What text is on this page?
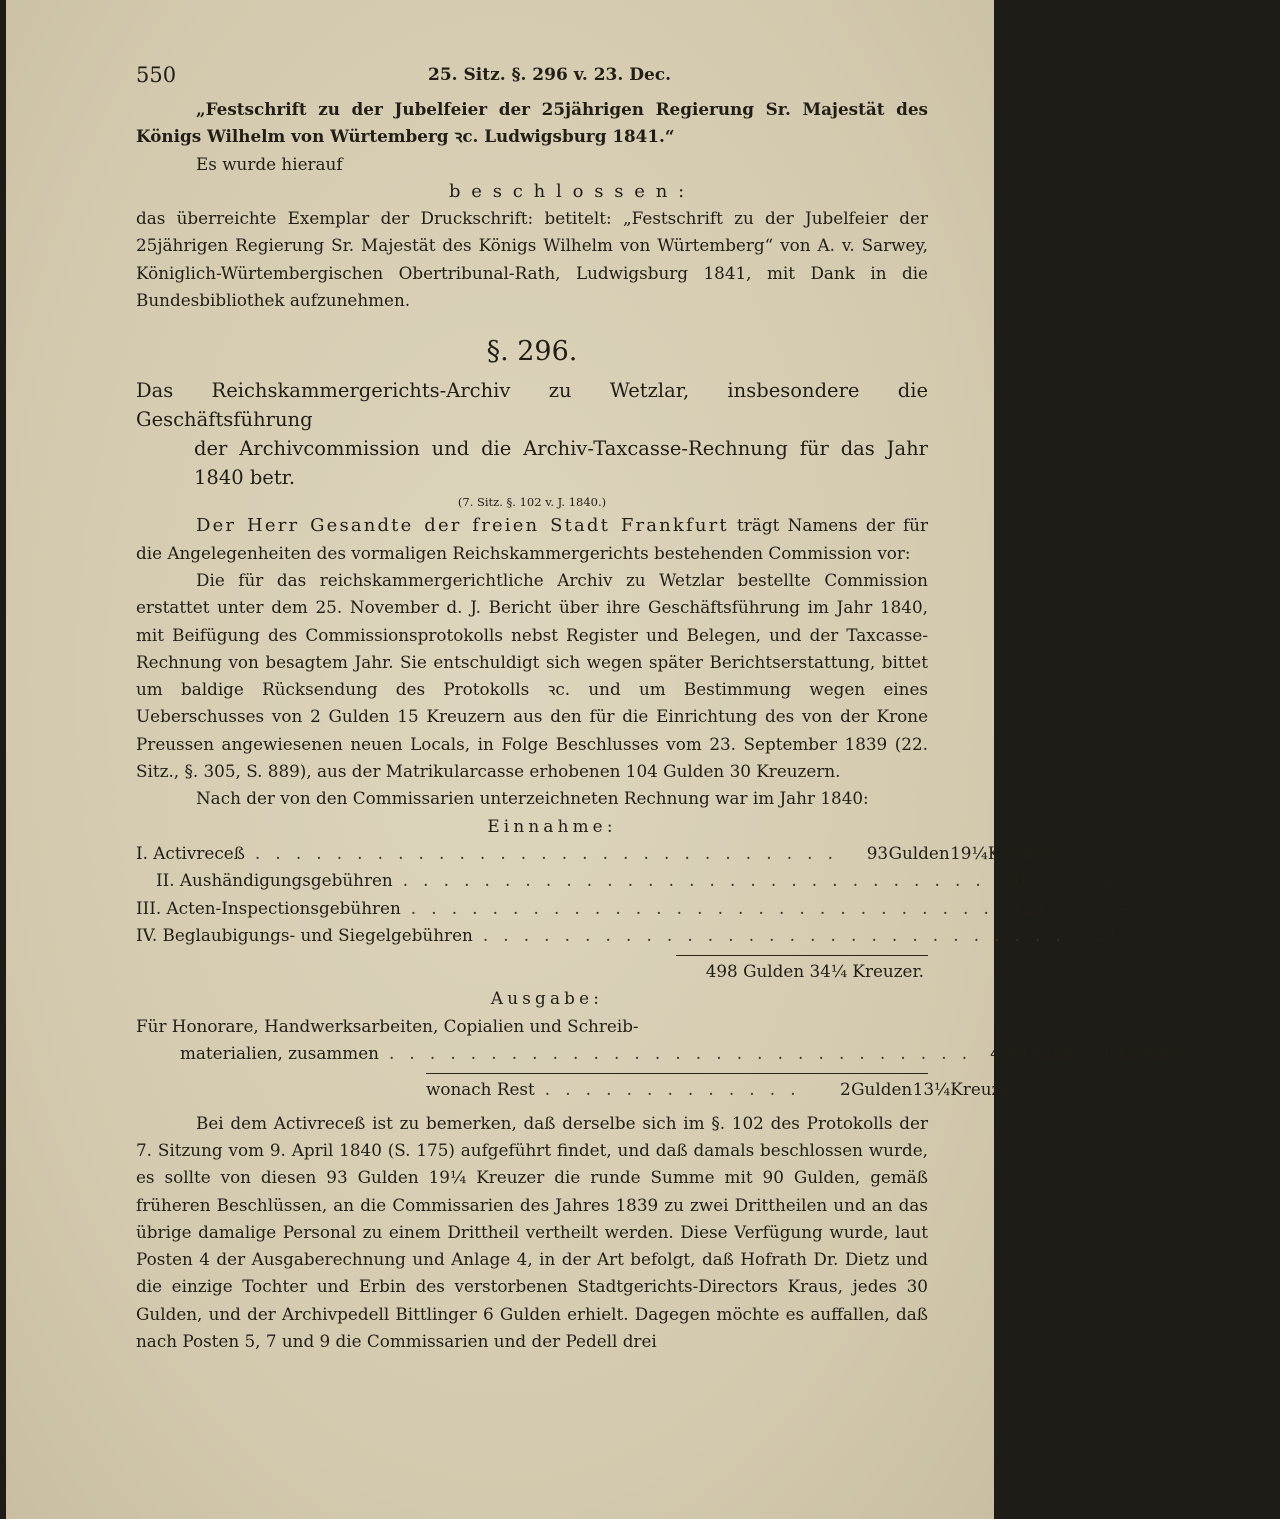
550	25. Sitz. §. 296 v. 23. Dec.

„Festschrift zu der Jubelfeier der 25jährigen Regierung Sr. Majestät des Königs Wilhelm von Würtemberg ꝛc. Ludwigsburg 1841.“

Es wurde hierauf

beschlossen:

das überreichte Exemplar der Druckschrift: betitelt: „Festschrift zu der Jubelfeier der 25jährigen Regierung Sr. Majestät des Königs Wilhelm von Würtemberg“ von A. v. Sarwey, Königlich-Würtembergischen Obertribunal-Rath, Ludwigsburg 1841, mit Dank in die Bundesbibliothek aufzunehmen.

§. 296.

Das Reichskammergerichts-Archiv zu Wetzlar, insbesondere die Geschäftsführung

der Archivcommission und die Archiv-Taxcasse-Rechnung für das Jahr 1840 betr.

(7. Sitz. §. 102 v. J. 1840.)

Der Herr Gesandte der freien Stadt Frankfurt trägt Namens der für die Angelegenheiten des vormaligen Reichskammergerichts bestehenden Commission vor:

Die für das reichskammergerichtliche Archiv zu Wetzlar bestellte Commission erstattet unter dem 25. November d. J. Bericht über ihre Geschäftsführung im Jahr 1840, mit Beifügung des Commissionsprotokolls nebst Register und Belegen, und der Taxcasse-Rechnung von besagtem Jahr. Sie entschuldigt sich wegen später Berichtserstattung, bittet um baldige Rücksendung des Protokolls ꝛc. und um Bestimmung wegen eines Ueberschusses von 2 Gulden 15 Kreuzern aus den für die Einrichtung des von der Krone Preussen angewiesenen neuen Locals, in Folge Beschlusses vom 23. September 1839 (22. Sitz., §. 305, S. 889), aus der Matrikularcasse erhobenen 104 Gulden 30 Kreuzern.

Nach der von den Commissarien unterzeichneten Rechnung war im Jahr 1840:

Einnahme:

I. Activreceß .............................	93 Gulden 19¼ Kreuzer,
II. Aushändigungsgebühren ............................. 262	„	45	„
III. Acten-Inspectionsgebühren ............................. 120	„	—	„
IV. Beglaubigungs- und Siegelgebühren .............................	22	„	30	„

498 Gulden 34¼ Kreuzer.

Ausgabe:

Für Honorare, Handwerksarbeiten, Copialien und Schreib-

materialien, zusammen ............................. 496 Gulden 21 Kreuzer,
wonach Rest .............	2 Gulden 13¼ Kreuzer.

Bei dem Activreceß ist zu bemerken, daß derselbe sich im §. 102 des Protokolls der 7. Sitzung vom 9. April 1840 (S. 175) aufgeführt findet, und daß damals beschlossen wurde, es sollte von diesen 93 Gulden 19¼ Kreuzer die runde Summe mit 90 Gulden, gemäß früheren Beschlüssen, an die Commissarien des Jahres 1839 zu zwei Drittheilen und an das übrige damalige Personal zu einem Drittheil vertheilt werden. Diese Verfügung wurde, laut Posten 4 der Ausgaberechnung und Anlage 4, in der Art befolgt, daß Hofrath Dr. Dietz und die einzige Tochter und Erbin des verstorbenen Stadtgerichts-Directors Kraus, jedes 30 Gulden, und der Archivpedell Bittlinger 6 Gulden erhielt. Dagegen möchte es auffallen, daß nach Posten 5, 7 und 9 die Commissarien und der Pedell drei
